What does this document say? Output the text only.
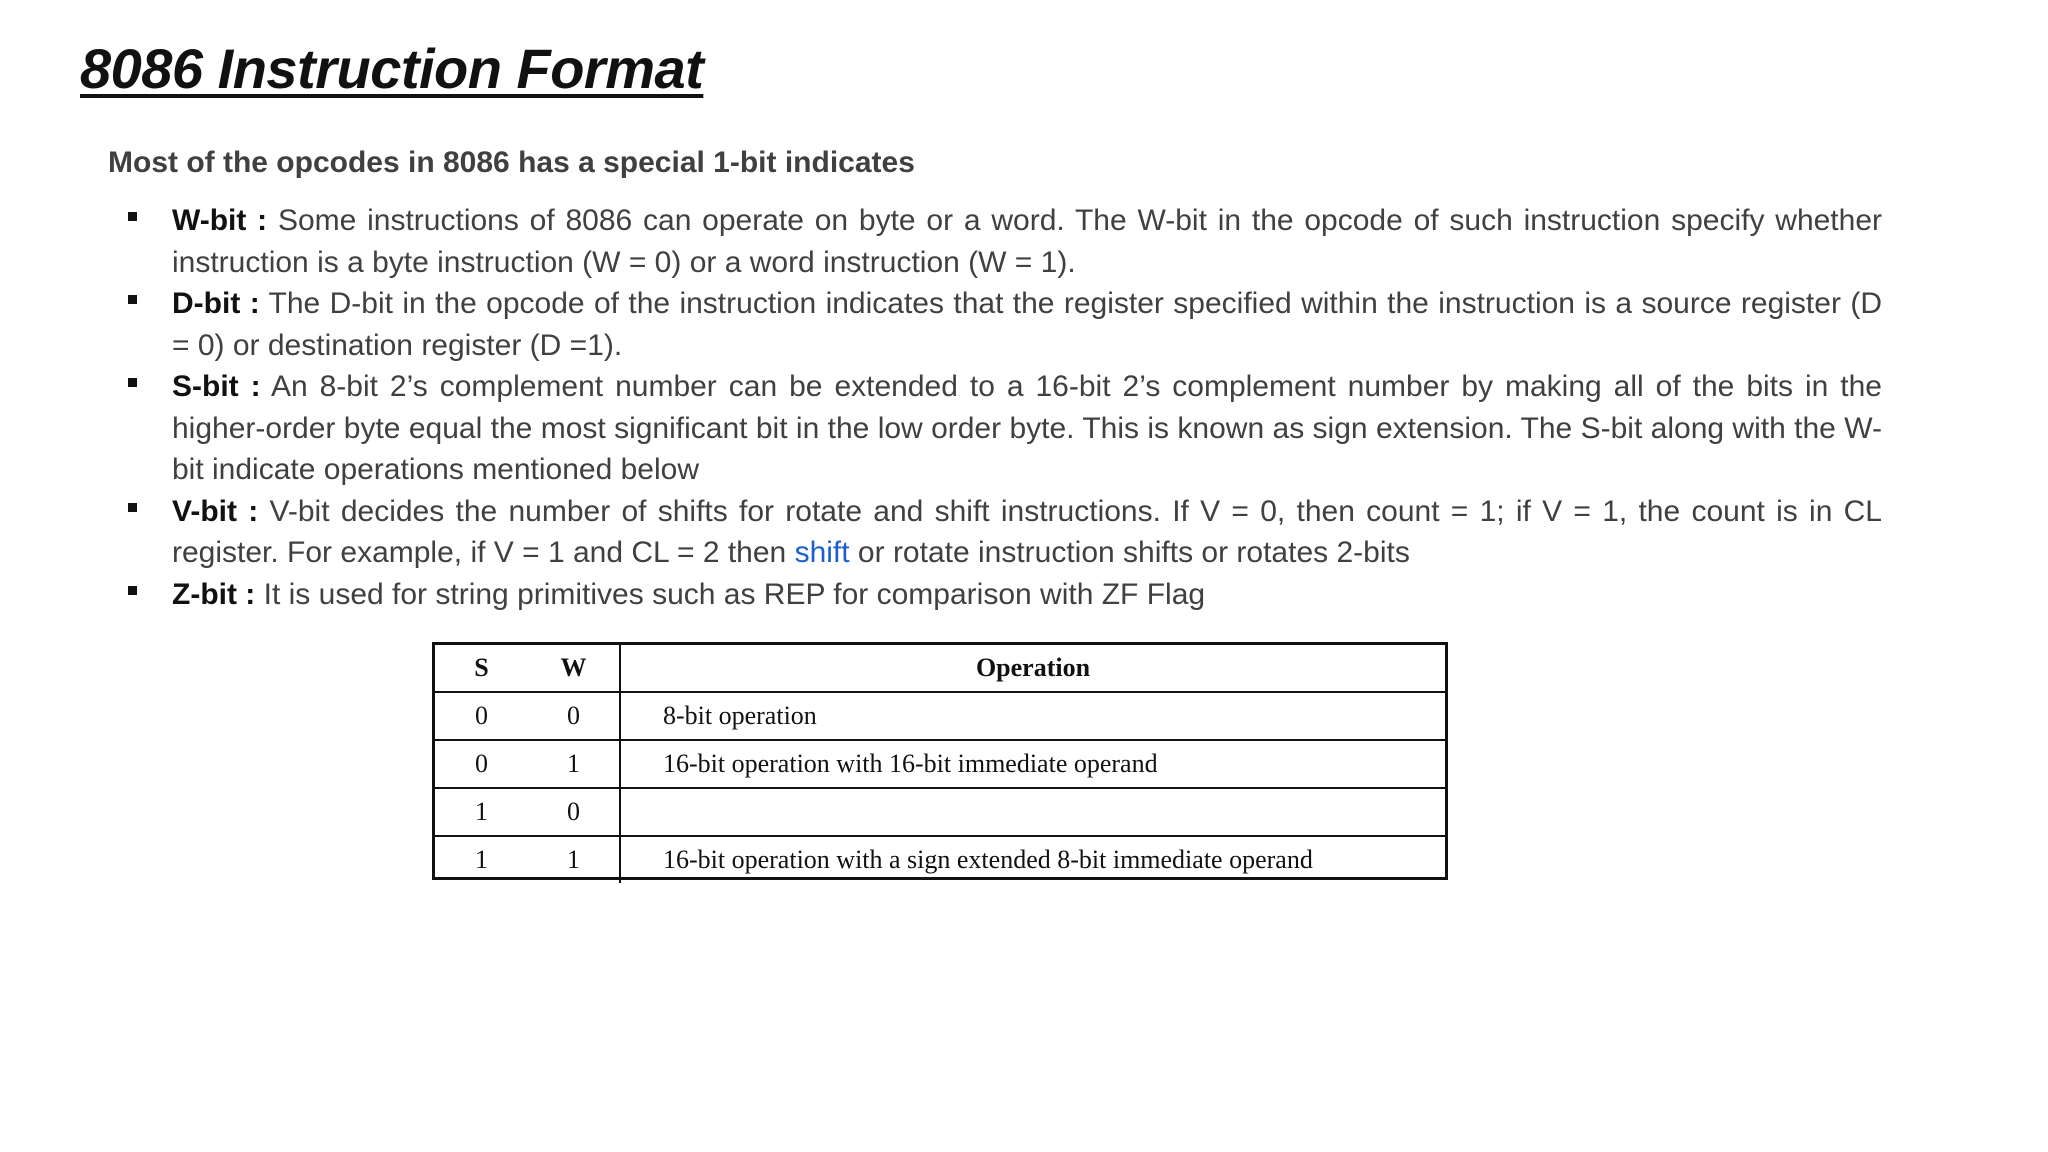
8086 Instruction Format
Most of the opcodes in 8086 has a special 1-bit indicates
W-bit : Some instructions of 8086 can operate on byte or a word. The W-bit in the opcode of such instruction specify whether instruction is a byte instruction (W = 0) or a word instruction (W = 1).
D-bit : The D-bit in the opcode of the instruction indicates that the register specified within the instruction is a source register (D = 0) or destination register (D =1).
S-bit : An 8-bit 2’s complement number can be extended to a 16-bit 2’s complement number by making all of the bits in the higher-order byte equal the most significant bit in the low order byte. This is known as sign extension. The S-bit along with the W-bit indicate operations mentioned below
V-bit : V-bit decides the number of shifts for rotate and shift instructions. If V = 0, then count = 1; if V = 1, the count is in CL register. For example, if V = 1 and CL = 2 then shift or rotate instruction shifts or rotates 2-bits
Z-bit : It is used for string primitives such as REP for comparison with ZF Flag
S	W	Operation
0	0	8-bit operation
0	1	16-bit operation with 16-bit immediate operand
1	0	
1	1	16-bit operation with a sign extended 8-bit immediate operand
